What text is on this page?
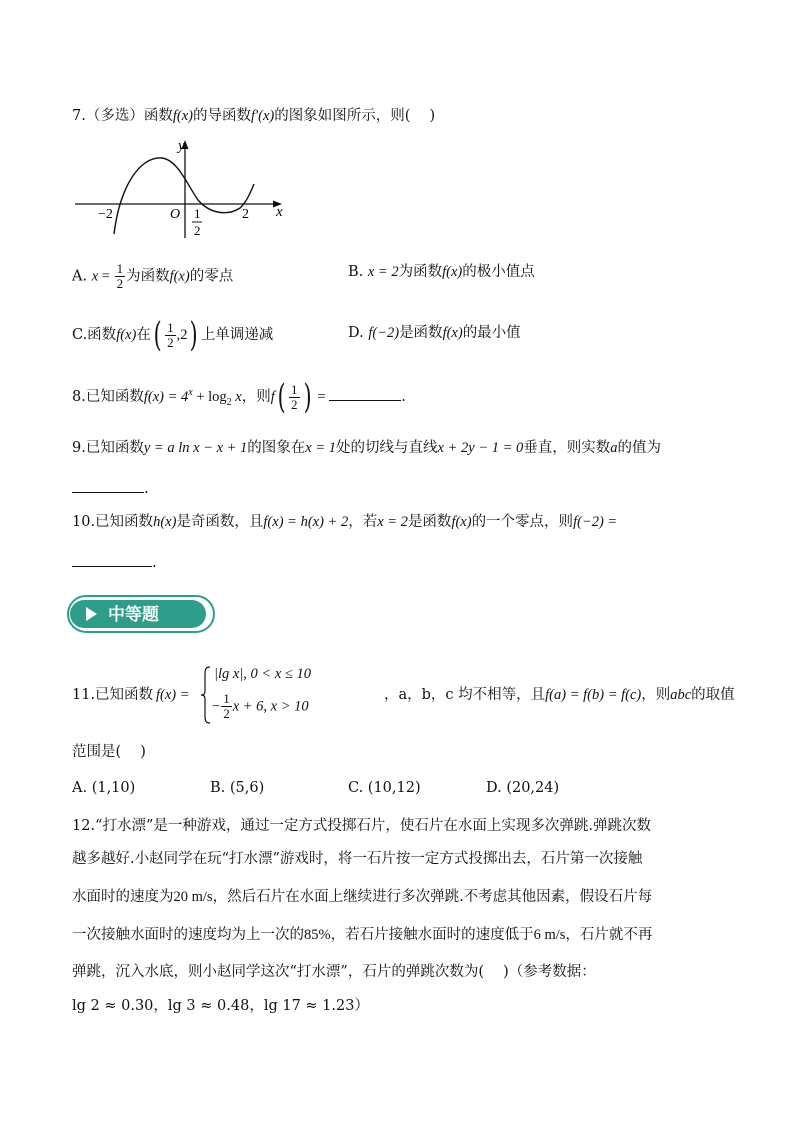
7.（多选）函数f(x)的导函数f′(x)的图象如图所示，则(　 )
y
x
O
−2	1
2
2
A. $x = \frac{1}{2}$ 为函数f(x)的零点	B. x = 2为函数f(x)的极小值点
C.函数f(x)在( $\frac{1}{2} ,2$) 上单调递减	D. f(−2)是函数f(x)的最小值
8.已知函数$f(x) = 4^x + \log_2 x$，则$f( \frac{1}{2}$ ) =	.
9.已知函数y = a ln x − x + 1的图象在x = 1处的切线与直线x + 2y − 1 = 0垂直，则实数a的值为
.
10.已知函数h(x)是奇函数，且f(x) = h(x) + 2，若x = 2是函数f(x)的一个零点，则f(−2) =
.
中等题
11.已知函数 f(x) =
|lg x|, 0 < x ≤ 10
− $\frac{1}{2}$ x + 6, x > 10
，a，b，c 均不相等，且f(a) = f(b) = f(c)，则abc的取值
范围是(　 )
A. (1,10)	B. (5,6)	C. (10,12)	D. (20,24)
12.“打水漂”是一种游戏，通过一定方式投掷石片，使石片在水面上实现多次弹跳.弹跳次数
越多越好.小赵同学在玩“打水漂”游戏时，将一石片按一定方式投掷出去，石片第一次接触
水面时的速度为20 m/s，然后石片在水面上继续进行多次弹跳.不考虑其他因素，假设石片每
一次接触水面时的速度均为上一次的85%，若石片接触水面时的速度低于6 m/s，石片就不再
弹跳，沉入水底，则小赵同学这次“打水漂”，石片的弹跳次数为(　 )（参考数据：
lg 2 ≈ 0.30，lg 3 ≈ 0.48，lg 17 ≈ 1.23）
